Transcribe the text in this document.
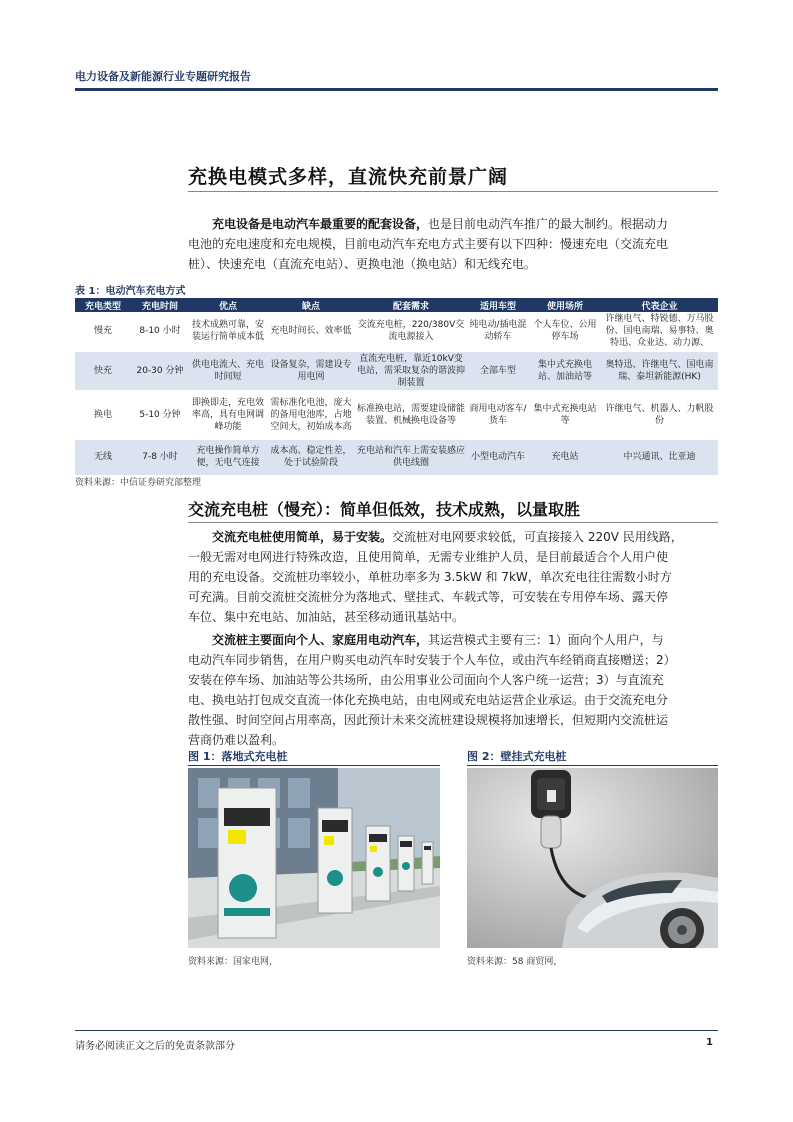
电力设备及新能源行业专题研究报告
充换电模式多样，直流快充前景广阔
充电设备是电动汽车最重要的配套设备，也是目前电动汽车推广的最大制约。根据动力
电池的充电速度和充电规模，目前电动汽车充电方式主要有以下四种：慢速充电（交流充电
桩）、快速充电（直流充电站）、更换电池（换电站）和无线充电。
表 1：电动汽车充电方式
充电类型	充电时间	优点	缺点	配套需求	适用车型	使用场所	代表企业
慢充	8-10 小时	技术成熟可靠，安装运行简单成本低	充电时间长、效率低	交流充电桩，220/380V交流电源接入	纯电动/插电混动轿车	个人车位、公用停车场	许继电气、特锐德、万马股份、国电南瑞、易事特、奥特迅、众业达、动力源、
快充	20-30 分钟	供电电流大、充电时间短	设备复杂，需建设专用电网	直流充电桩，靠近10kV变电站，需采取复杂的谐波抑制装置	全部车型	集中式充换电站、加油站等	奥特迅、许继电气、国电南瑞、泰坦新能源(HK)
换电	5-10 分钟	即换即走，充电效率高，具有电网调峰功能	需标准化电池，庞大的备用电池库，占地空间大，初始成本高	标准换电站，需要建设储能装置、机械换电设备等	商用电动客车/货车	集中式充换电站等	许继电气、机器人、力帆股份
无线	7-8 小时	充电操作简单方便，无电气连接	成本高、稳定性差，处于试验阶段	充电站和汽车上需安装感应供电线圈	小型电动汽车	充电站	中兴通讯、比亚迪
资料来源：中信证券研究部整理
交流充电桩（慢充）：简单但低效，技术成熟，以量取胜
交流充电桩使用简单，易于安装。交流桩对电网要求较低，可直接接入 220V 民用线路，
一般无需对电网进行特殊改造，且使用简单，无需专业维护人员，是目前最适合个人用户使
用的充电设备。交流桩功率较小，单桩功率多为 3.5kW 和 7kW，单次充电往往需数小时方
可充满。目前交流桩交流桩分为落地式、壁挂式、车载式等，可安装在专用停车场、露天停
车位、集中充电站、加油站，甚至移动通讯基站中。
交流桩主要面向个人、家庭用电动汽车，其运营模式主要有三：1）面向个人用户，与
电动汽车同步销售，在用户购买电动汽车时安装于个人车位，或由汽车经销商直接赠送；2）
安装在停车场、加油站等公共场所，由公用事业公司面向个人客户统一运营；3）与直流充
电、换电站打包成交直流一体化充换电站，由电网或充电站运营企业承运。由于交流充电分
散性强、时间空间占用率高，因此预计未来交流桩建设规模将加速增长，但短期内交流桩运
营商仍难以盈利。
图 1：落地式充电桩
资料来源：国家电网，
图 2：壁挂式充电桩
资料来源：58 商贸网，
请务必阅读正文之后的免责条款部分	1
